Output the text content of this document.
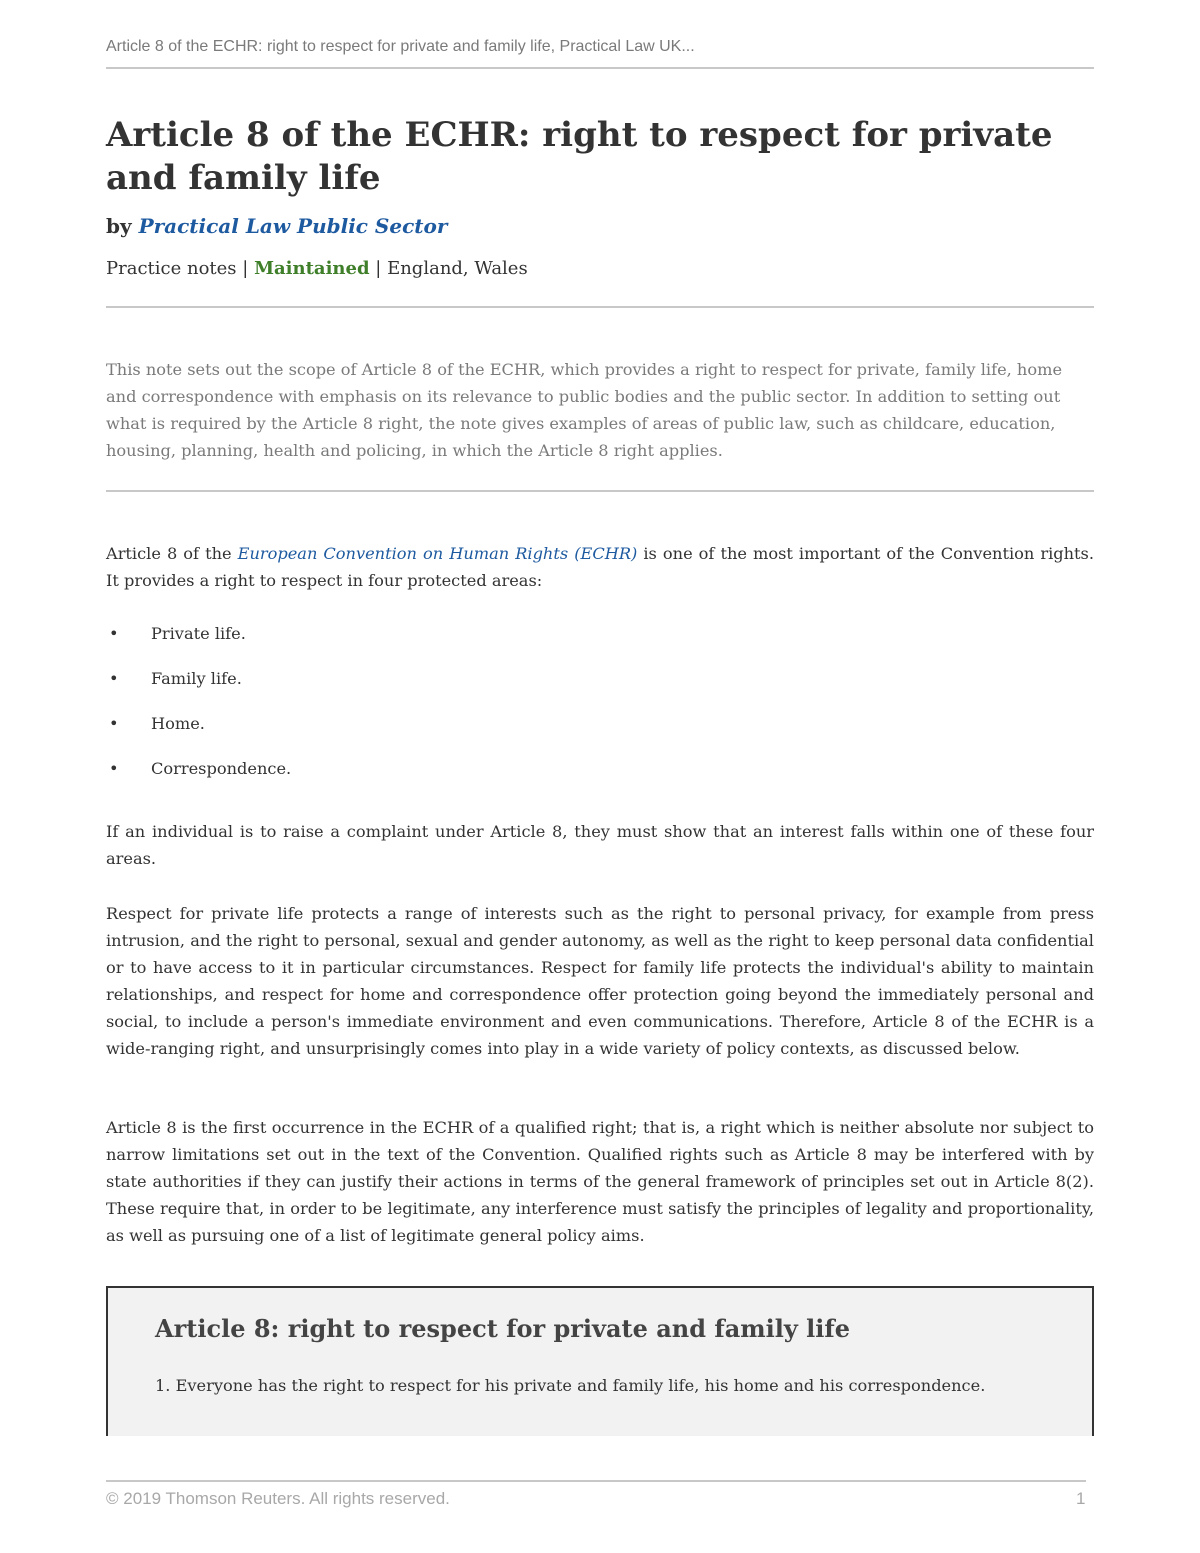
Article 8 of the ECHR: right to respect for private and family life, Practical Law UK...
Article 8 of the ECHR: right to respect for private and family life
by Practical Law Public Sector
Practice notes | Maintained | England, Wales

This note sets out the scope of Article 8 of the ECHR, which provides a right to respect for private, family life, home and correspondence with emphasis on its relevance to public bodies and the public sector. In addition to setting out what is required by the Article 8 right, the note gives examples of areas of public law, such as childcare, education, housing, planning, health and policing, in which the Article 8 right applies.

Article 8 of the European Convention on Human Rights (ECHR) is one of the most important of the Convention rights. It provides a right to respect in four protected areas:

• Private life.
• Family life.
• Home.
• Correspondence.

If an individual is to raise a complaint under Article 8, they must show that an interest falls within one of these four areas.

Respect for private life protects a range of interests such as the right to personal privacy, for example from press intrusion, and the right to personal, sexual and gender autonomy, as well as the right to keep personal data confidential or to have access to it in particular circumstances. Respect for family life protects the individual's ability to maintain relationships, and respect for home and correspondence offer protection going beyond the immediately personal and social, to include a person's immediate environment and even communications. Therefore, Article 8 of the ECHR is a wide-ranging right, and unsurprisingly comes into play in a wide variety of policy contexts, as discussed below.

Article 8 is the first occurrence in the ECHR of a qualified right; that is, a right which is neither absolute nor subject to narrow limitations set out in the text of the Convention. Qualified rights such as Article 8 may be interfered with by state authorities if they can justify their actions in terms of the general framework of principles set out in Article 8(2). These require that, in order to be legitimate, any interference must satisfy the principles of legality and proportionality, as well as pursuing one of a list of legitimate general policy aims.

Article 8: right to respect for private and family life

1. Everyone has the right to respect for his private and family life, his home and his correspondence.

© 2019 Thomson Reuters. All rights reserved.	1
